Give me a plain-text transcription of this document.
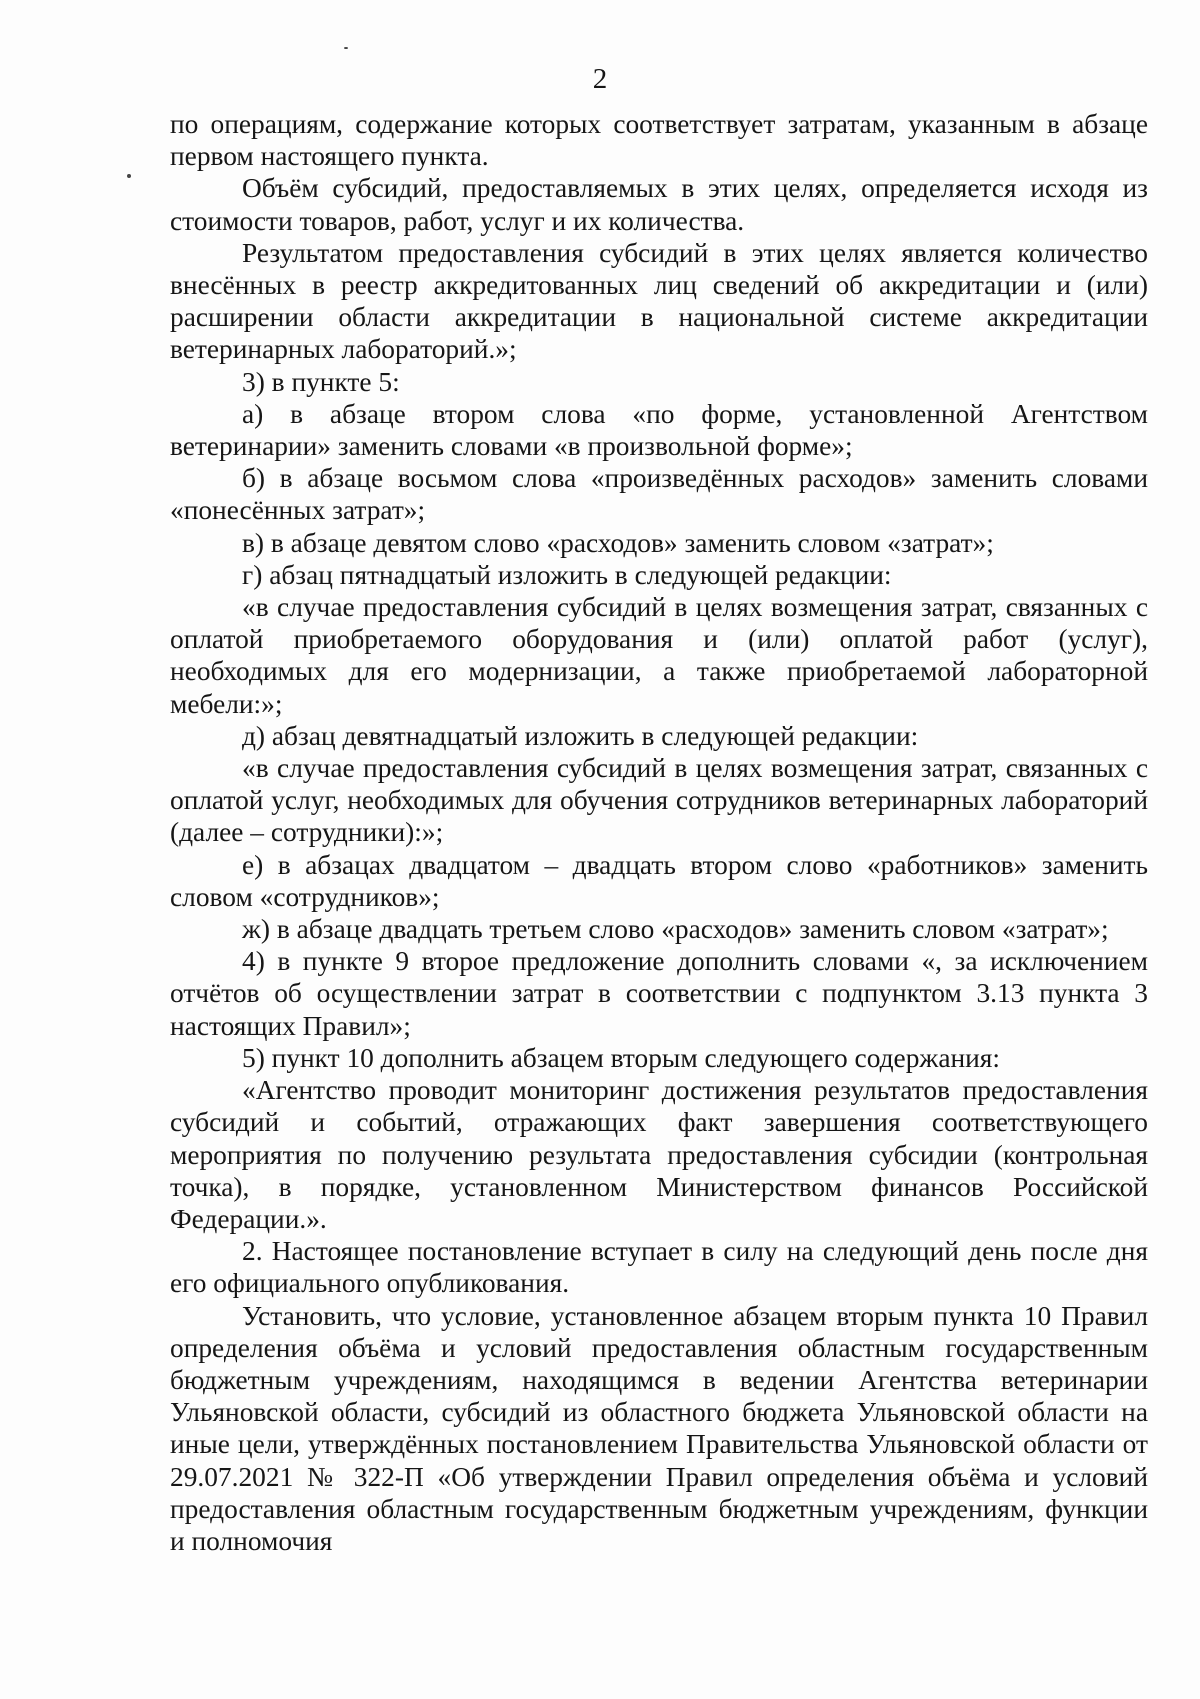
2

по операциям, содержание которых соответствует затратам, указанным в абзаце первом настоящего пункта.

Объём субсидий, предоставляемых в этих целях, определяется исходя из стоимости товаров, работ, услуг и их количества.

Результатом предоставления субсидий в этих целях является количество внесённых в реестр аккредитованных лиц сведений об аккредитации и (или) расширении области аккредитации в национальной системе аккредитации ветеринарных лабораторий.»;

3) в пункте 5:

а) в абзаце втором слова «по форме, установленной Агентством ветеринарии» заменить словами «в произвольной форме»;

б) в абзаце восьмом слова «произведённых расходов» заменить словами «понесённых затрат»;

в) в абзаце девятом слово «расходов» заменить словом «затрат»;

г) абзац пятнадцатый изложить в следующей редакции:

«в случае предоставления субсидий в целях возмещения затрат, связанных с оплатой приобретаемого оборудования и (или) оплатой работ (услуг), необходимых для его модернизации, а также приобретаемой лабораторной мебели:»;

д) абзац девятнадцатый изложить в следующей редакции:

«в случае предоставления субсидий в целях возмещения затрат, связанных с оплатой услуг, необходимых для обучения сотрудников ветеринарных лабораторий (далее – сотрудники):»;

е) в абзацах двадцатом – двадцать втором слово «работников» заменить словом «сотрудников»;

ж) в абзаце двадцать третьем слово «расходов» заменить словом «затрат»;

4) в пункте 9 второе предложение дополнить словами «, за исключением отчётов об осуществлении затрат в соответствии с подпунктом 3.13 пункта 3 настоящих Правил»;

5) пункт 10 дополнить абзацем вторым следующего содержания:

«Агентство проводит мониторинг достижения результатов предоставления субсидий и событий, отражающих факт завершения соответствующего мероприятия по получению результата предоставления субсидии (контрольная точка), в порядке, установленном Министерством финансов Российской Федерации.».

2. Настоящее постановление вступает в силу на следующий день после дня его официального опубликования.

Установить, что условие, установленное абзацем вторым пункта 10 Правил определения объёма и условий предоставления областным государственным бюджетным учреждениям, находящимся в ведении Агентства ветеринарии Ульяновской области, субсидий из областного бюджета Ульяновской области на иные цели, утверждённых постановлением Правительства Ульяновской области от 29.07.2021 № 322-П «Об утверждении Правил определения объёма и условий предоставления областным государственным бюджетным учреждениям, функции и полномочия
